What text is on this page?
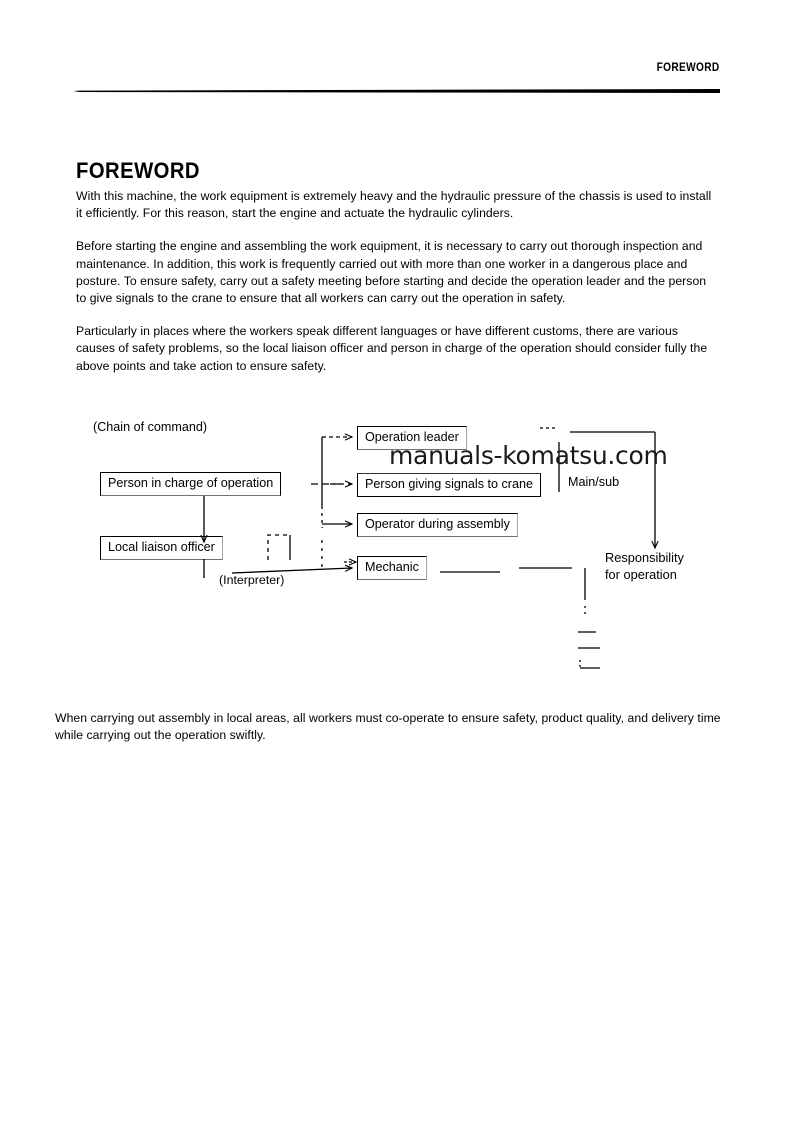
FOREWORD
FOREWORD

With this machine, the work equipment is extremely heavy and the hydraulic pressure of the chassis is used to install it efficiently. For this reason, start the engine and actuate the hydraulic cylinders.

Before starting the engine and assembling the work equipment, it is necessary to carry out thorough inspection and maintenance. In addition, this work is frequently carried out with more than one worker in a dangerous place and posture. To ensure safety, carry out a safety meeting before starting and decide the operation leader and the person to give signals to the crane to ensure that all workers can carry out the operation in safety.

Particularly in places where the workers speak different languages or have different customs, there are various causes of safety problems, so the local liaison officer and person in charge of the operation should consider fully the above points and take action to ensure safety.

(Chain of command)
Person in charge of operation
Local liaison officer
Operation leader
Person giving signals to crane
Operator during assembly
Mechanic
Main/sub
(Interpreter)
Responsibility
for operation
manuals-komatsu.com

When carrying out assembly in local areas, all workers must co-operate to ensure safety, product quality, and delivery time while carrying out the operation swiftly.
